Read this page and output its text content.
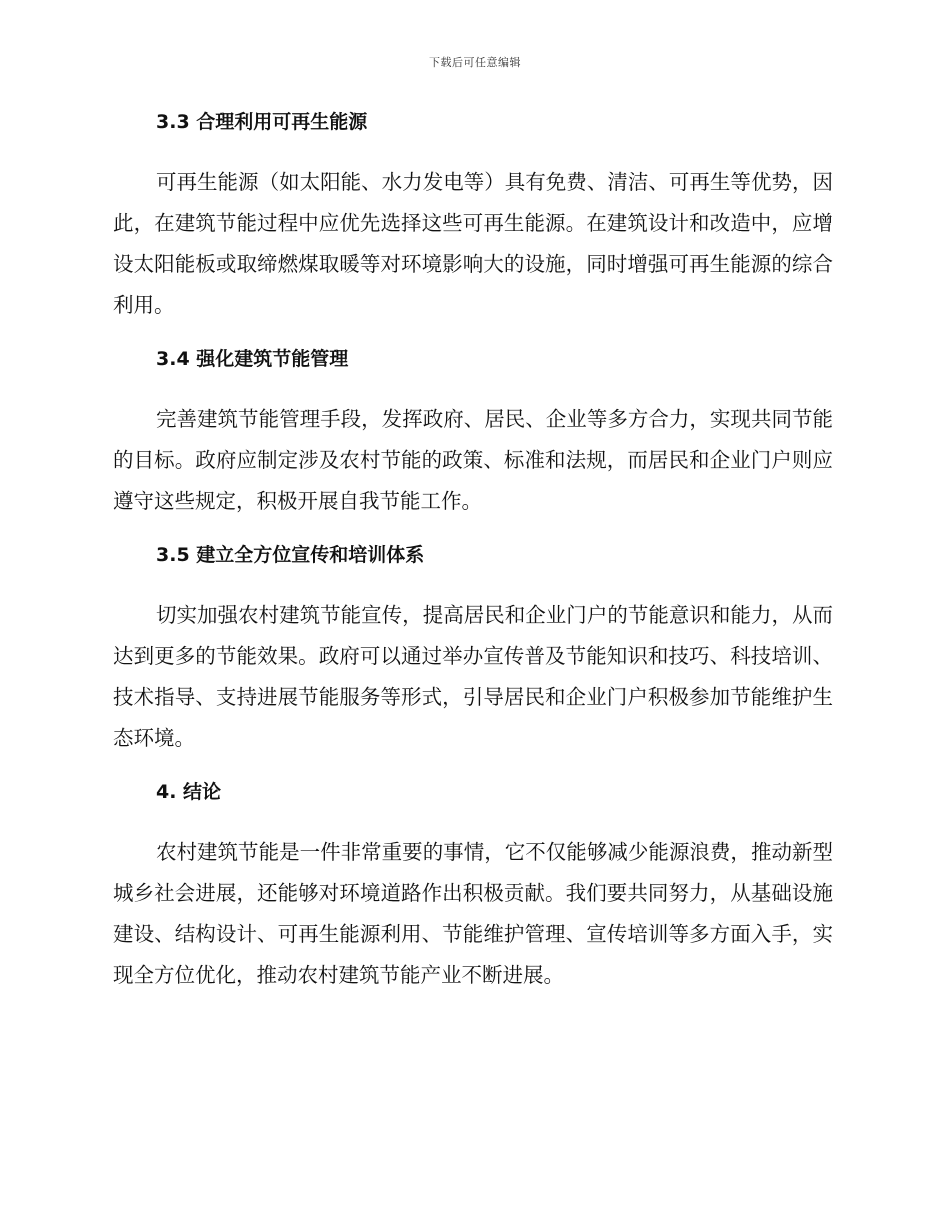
下载后可任意编辑
3.3 合理利用可再生能源

可再生能源（如太阳能、水力发电等）具有免费、清洁、可再生等优势，因此，在建筑节能过程中应优先选择这些可再生能源。在建筑设计和改造中，应增设太阳能板或取缔燃煤取暖等对环境影响大的设施，同时增强可再生能源的综合利用。

3.4 强化建筑节能管理

完善建筑节能管理手段，发挥政府、居民、企业等多方合力，实现共同节能的目标。政府应制定涉及农村节能的政策、标准和法规，而居民和企业门户则应遵守这些规定，积极开展自我节能工作。

3.5 建立全方位宣传和培训体系

切实加强农村建筑节能宣传，提高居民和企业门户的节能意识和能力，从而达到更多的节能效果。政府可以通过举办宣传普及节能知识和技巧、科技培训、技术指导、支持进展节能服务等形式，引导居民和企业门户积极参加节能维护生态环境。

4. 结论

农村建筑节能是一件非常重要的事情，它不仅能够减少能源浪费，推动新型城乡社会进展，还能够对环境道路作出积极贡献。我们要共同努力，从基础设施建设、结构设计、可再生能源利用、节能维护管理、宣传培训等多方面入手，实现全方位优化，推动农村建筑节能产业不断进展。
